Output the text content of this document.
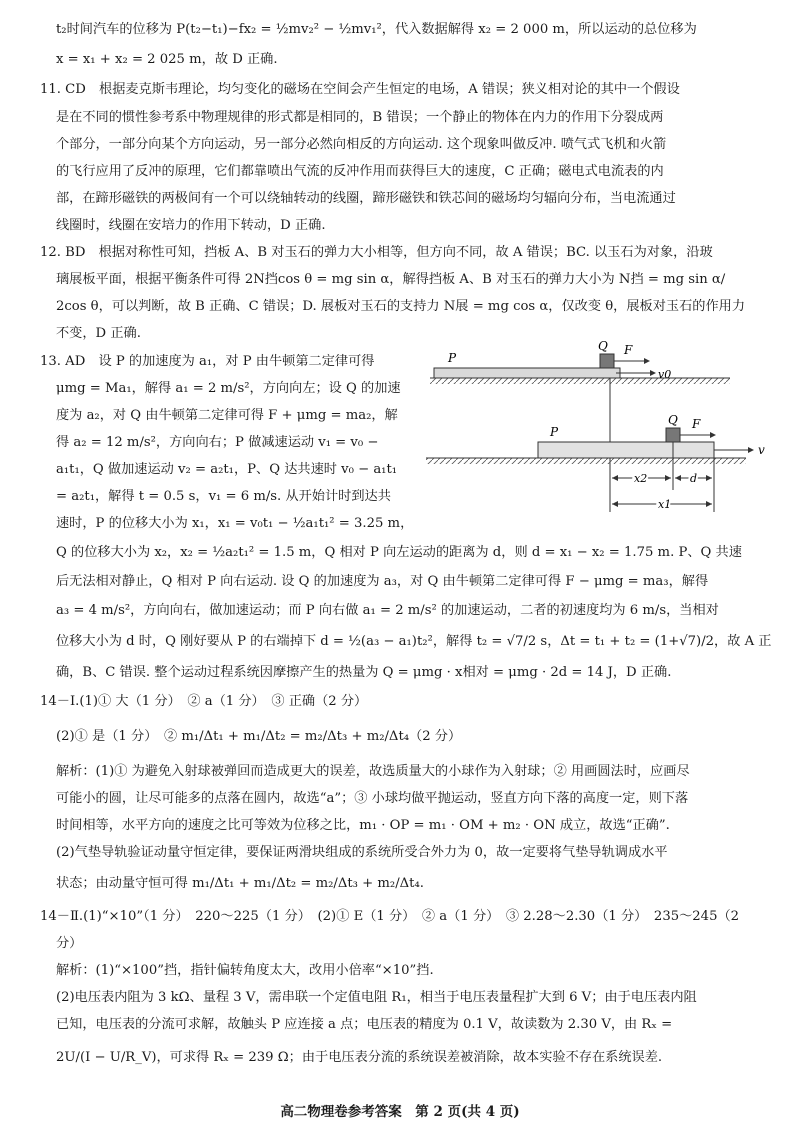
t₂时间汽车的位移为 P(t₂−t₁)−fx₂ = ½mv₂² − ½mv₁²，代入数据解得 x₂ = 2 000 m，所以运动的总位移为
x = x₁ + x₂ = 2 025 m，故 D 正确.
11. CD　根据麦克斯韦理论，均匀变化的磁场在空间会产生恒定的电场，A 错误；狭义相对论的其中一个假设
是在不同的惯性参考系中物理规律的形式都是相同的，B 错误；一个静止的物体在内力的作用下分裂成两
个部分，一部分向某个方向运动，另一部分必然向相反的方向运动. 这个现象叫做反冲. 喷气式飞机和火箭
的飞行应用了反冲的原理，它们都靠喷出气流的反冲作用而获得巨大的速度，C 正确；磁电式电流表的内
部，在蹄形磁铁的两极间有一个可以绕轴转动的线圈，蹄形磁铁和铁芯间的磁场均匀辐向分布，当电流通过
线圈时，线圈在安培力的作用下转动，D 正确.
12. BD　根据对称性可知，挡板 A、B 对玉石的弹力大小相等，但方向不同，故 A 错误；BC. 以玉石为对象，沿玻
璃展板平面，根据平衡条件可得 2N挡cos θ = mg sin α，解得挡板 A、B 对玉石的弹力大小为 N挡 = mg sin α/
2cos θ，可以判断，故 B 正确、C 错误；D. 展板对玉石的支持力 N展 = mg cos α，仅改变 θ，展板对玉石的作用力
不变，D 正确.
13. AD　设 P 的加速度为 a₁，对 P 由牛顿第二定律可得
μmg = Ma₁，解得 a₁ = 2 m/s²，方向向左；设 Q 的加速
度为 a₂，对 Q 由牛顿第二定律可得 F + μmg = ma₂，解
得 a₂ = 12 m/s²，方向向右；P 做减速运动 v₁ = v₀ −
a₁t₁，Q 做加速运动 v₂ = a₂t₁，P、Q 达共速时 v₀ − a₁t₁
= a₂t₁，解得 t = 0.5 s，v₁ = 6 m/s. 从开始计时到达共
速时，P 的位移大小为 x₁，x₁ = v₀t₁ − ½a₁t₁² = 3.25 m，
P
Q F
v0
P
Q F
v
x2	d
x1
Q 的位移大小为 x₂，x₂ = ½a₂t₁² = 1.5 m，Q 相对 P 向左运动的距离为 d，则 d = x₁ − x₂ = 1.75 m. P、Q 共速
后无法相对静止，Q 相对 P 向右运动. 设 Q 的加速度为 a₃，对 Q 由牛顿第二定律可得 F − μmg = ma₃，解得
a₃ = 4 m/s²，方向向右，做加速运动；而 P 向右做 a₁ = 2 m/s² 的加速运动，二者的初速度均为 6 m/s，当相对
位移大小为 d 时，Q 刚好要从 P 的右端掉下 d = ½(a₃ − a₁)t₂²，解得 t₂ = √7/2 s，Δt = t₁ + t₂ = (1+√7)/2，故 A 正
确，B、C 错误. 整个运动过程系统因摩擦产生的热量为 Q = μmg · x相对 = μmg · 2d = 14 J，D 正确.
14－Ⅰ.(1)① 大（1 分）　② a（1 分）　③ 正确（2 分）
(2)① 是（1 分）　② m₁/Δt₁ + m₁/Δt₂ = m₂/Δt₃ + m₂/Δt₄（2 分）
解析：(1)① 为避免入射球被弹回而造成更大的误差，故选质量大的小球作为入射球；② 用画圆法时，应画尽
可能小的圆，让尽可能多的点落在圆内，故选“a”；③ 小球均做平抛运动，竖直方向下落的高度一定，则下落
时间相等，水平方向的速度之比可等效为位移之比，m₁ · OP = m₁ · OM + m₂ · ON 成立，故选“正确”.
(2)气垫导轨验证动量守恒定律，要保证两滑块组成的系统所受合外力为 0，故一定要将气垫导轨调成水平
状态；由动量守恒可得 m₁/Δt₁ + m₁/Δt₂ = m₂/Δt₃ + m₂/Δt₄.
14－Ⅱ.(1)“×10”（1 分）　220～225（1 分）　(2)① E（1 分）　② a（1 分）　③ 2.28～2.30（1 分）　235～245（2
分）
解析：(1)“×100”挡，指针偏转角度太大，改用小倍率“×10”挡.
(2)电压表内阻为 3 kΩ、量程 3 V，需串联一个定值电阻 R₁，相当于电压表量程扩大到 6 V；由于电压表内阻
已知，电压表的分流可求解，故触头 P 应连接 a 点；电压表的精度为 0.1 V，故读数为 2.30 V，由 Rₓ =
2U/(I − U/R_V)，可求得 Rₓ = 239 Ω；由于电压表分流的系统误差被消除，故本实验不存在系统误差.
高二物理卷参考答案　第 2 页(共 4 页)
